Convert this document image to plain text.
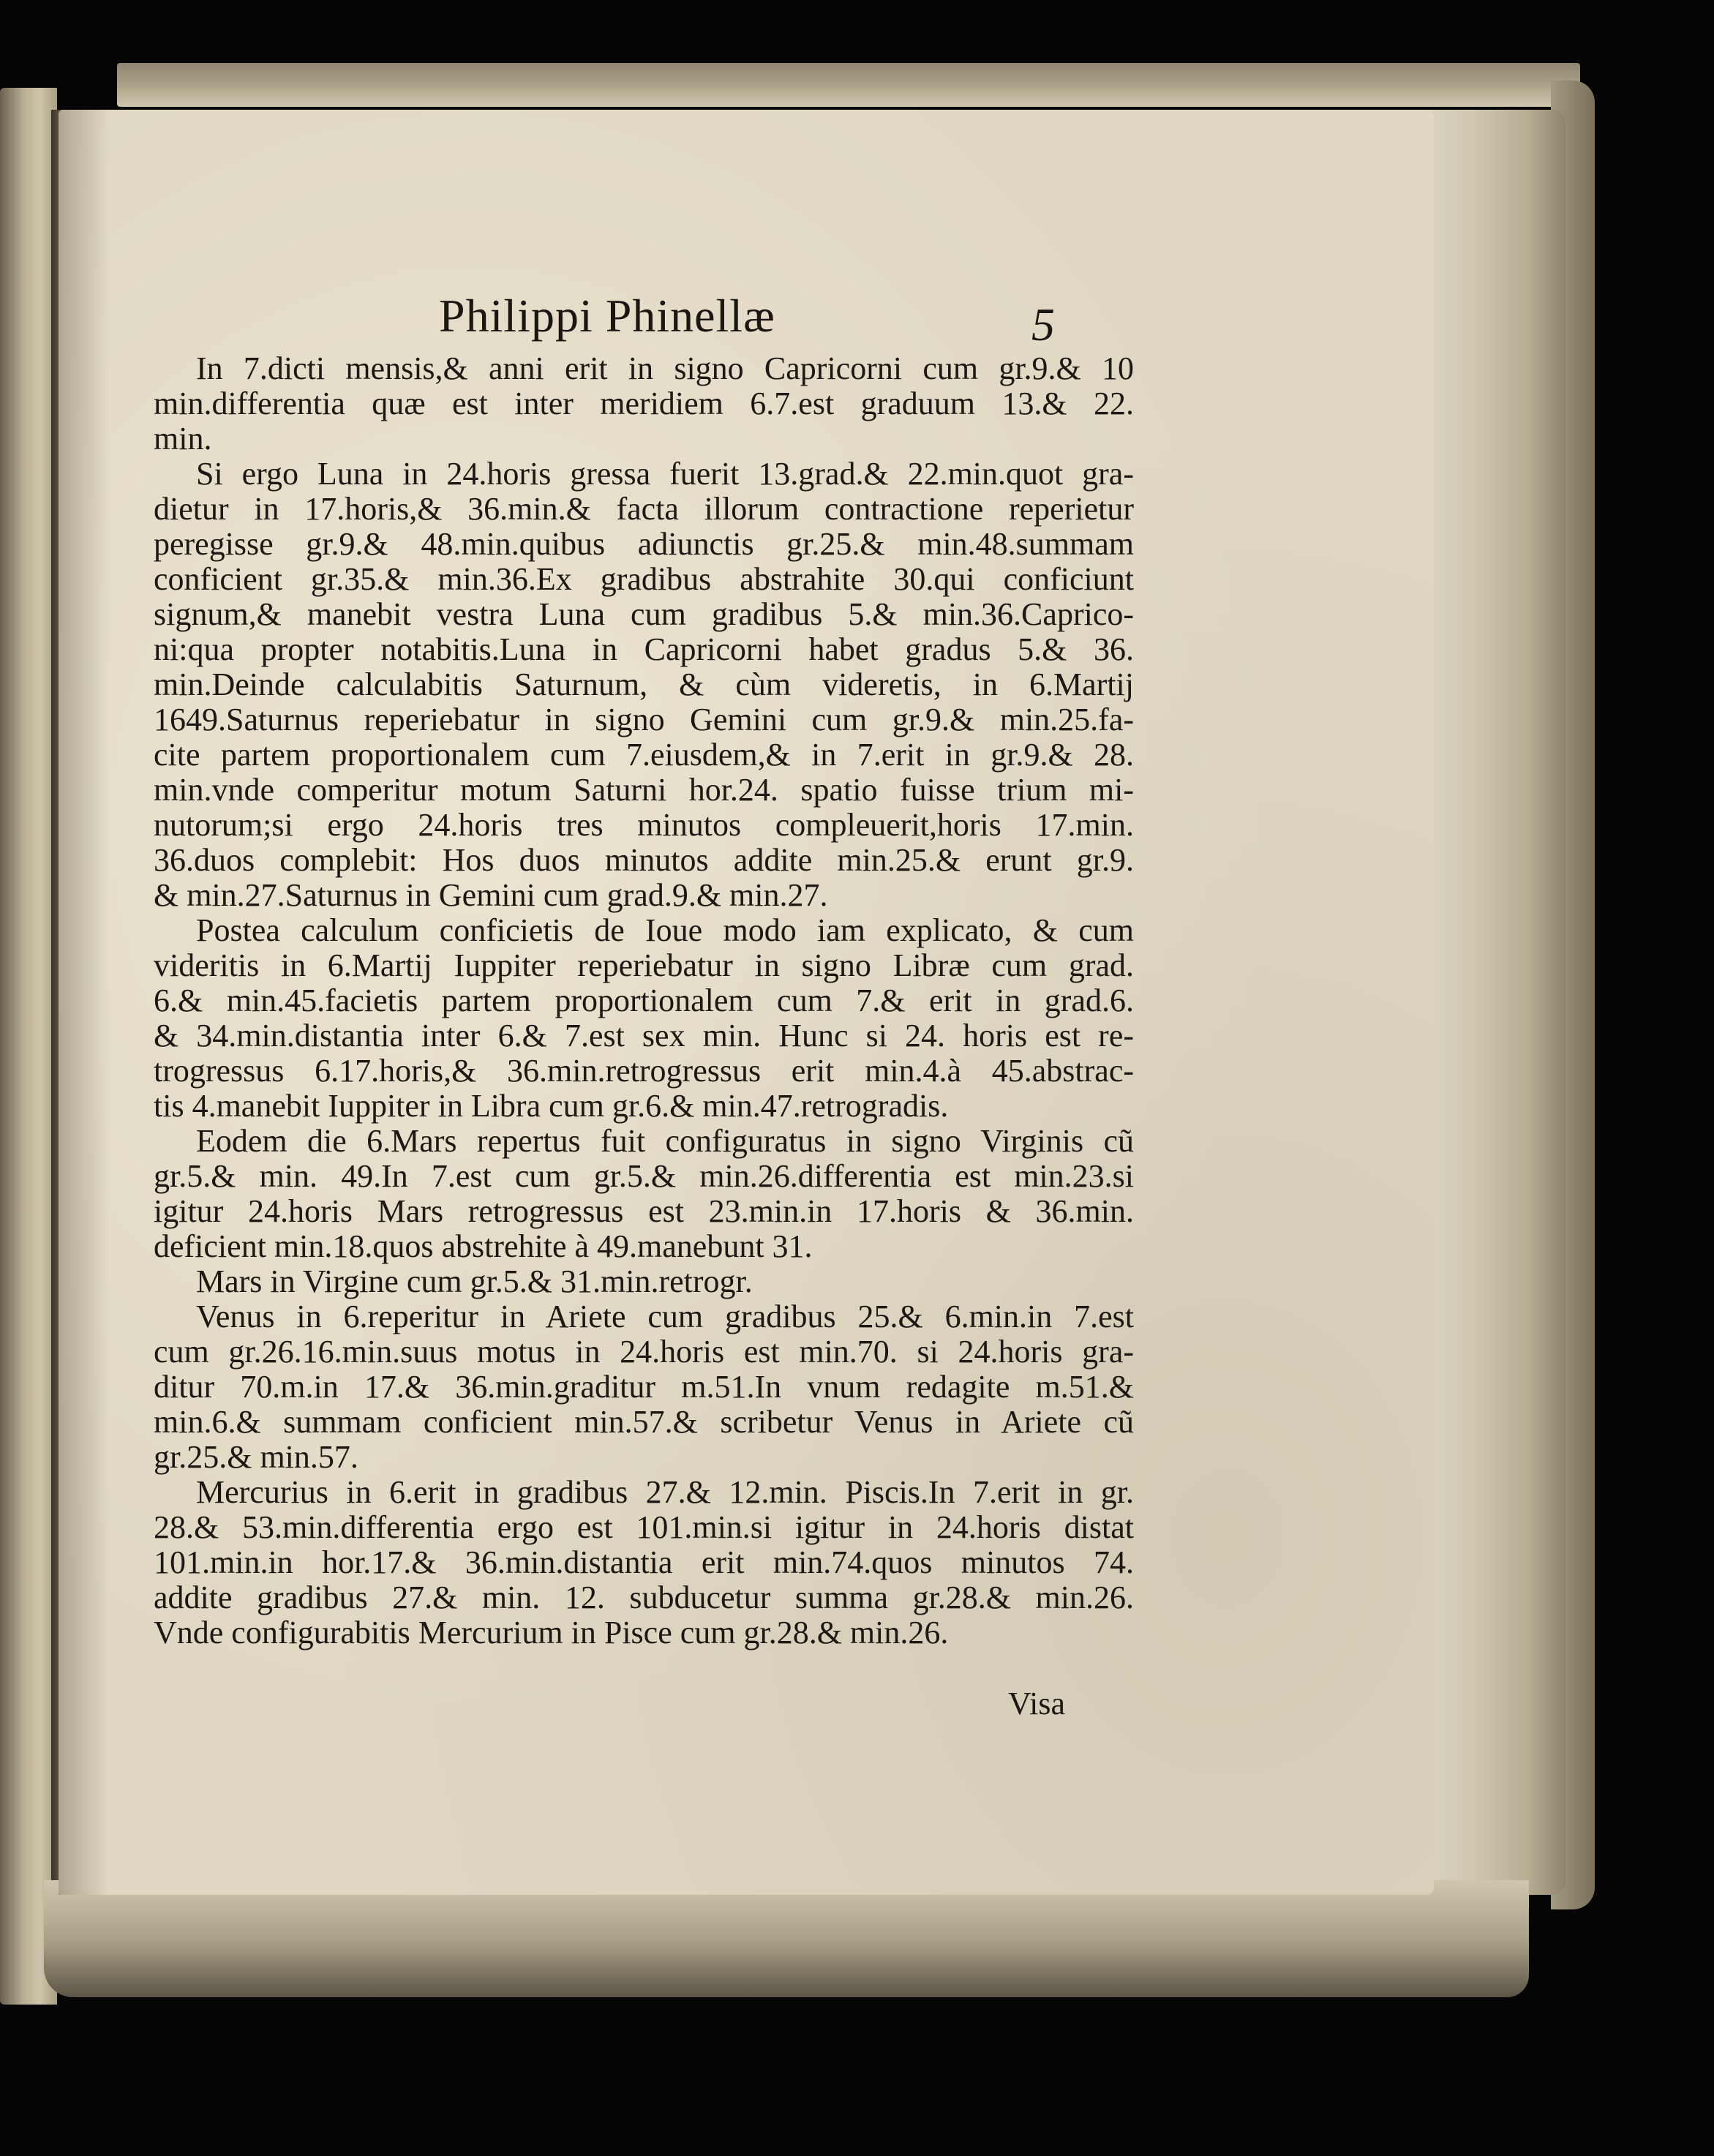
Philippi Phinellæ	5
In 7.dicti mensis,& anni erit in signo Capricorni cum gr.9.& 10
min.differentia quæ est inter meridiem 6.7.est graduum 13.& 22.
min.
Si ergo Luna in 24.horis gressa fuerit 13.grad.& 22.min.quot gra-
dietur in 17.horis,& 36.min.& facta illorum contractione reperietur
peregisse gr.9.& 48.min.quibus adiunctis gr.25.& min.48.summam
conficient gr.35.& min.36.Ex gradibus abstrahite 30.qui conficiunt
signum,& manebit vestra Luna cum gradibus 5.& min.36.Caprico-
ni:qua propter notabitis.Luna in Capricorni habet gradus 5.& 36.
min.Deinde calculabitis Saturnum, & cùm videretis, in 6.Martij
1649.Saturnus reperiebatur in signo Gemini cum gr.9.& min.25.fa-
cite partem proportionalem cum 7.eiusdem,& in 7.erit in gr.9.& 28.
min.vnde comperitur motum Saturni hor.24. spatio fuisse trium mi-
nutorum;si ergo 24.horis tres minutos compleuerit,horis 17.min.
36.duos complebit: Hos duos minutos addite min.25.& erunt gr.9.
& min.27.Saturnus in Gemini cum grad.9.& min.27.
Postea calculum conficietis de Ioue modo iam explicato, & cum
videritis in 6.Martij Iuppiter reperiebatur in signo Libræ cum grad.
6.& min.45.facietis partem proportionalem cum 7.& erit in grad.6.
& 34.min.distantia inter 6.& 7.est sex min. Hunc si 24. horis est re-
trogressus 6.17.horis,& 36.min.retrogressus erit min.4.à 45.abstrac-
tis 4.manebit Iuppiter in Libra cum gr.6.& min.47.retrogradis.
Eodem die 6.Mars repertus fuit configuratus in signo Virginis cũ
gr.5.& min. 49.In 7.est cum gr.5.& min.26.differentia est min.23.si
igitur 24.horis Mars retrogressus est 23.min.in 17.horis & 36.min.
deficient min.18.quos abstrehite à 49.manebunt 31.
Mars in Virgine cum gr.5.& 31.min.retrogr.
Venus in 6.reperitur in Ariete cum gradibus 25.& 6.min.in 7.est
cum gr.26.16.min.suus motus in 24.horis est min.70. si 24.horis gra-
ditur 70.m.in 17.& 36.min.graditur m.51.In vnum redagite m.51.&
min.6.& summam conficient min.57.& scribetur Venus in Ariete cũ
gr.25.& min.57.
Mercurius in 6.erit in gradibus 27.& 12.min. Piscis.In 7.erit in gr.
28.& 53.min.differentia ergo est 101.min.si igitur in 24.horis distat
101.min.in hor.17.& 36.min.distantia erit min.74.quos minutos 74.
addite gradibus 27.& min. 12. subducetur summa gr.28.& min.26.
Vnde configurabitis Mercurium in Pisce cum gr.28.& min.26.
Visa
